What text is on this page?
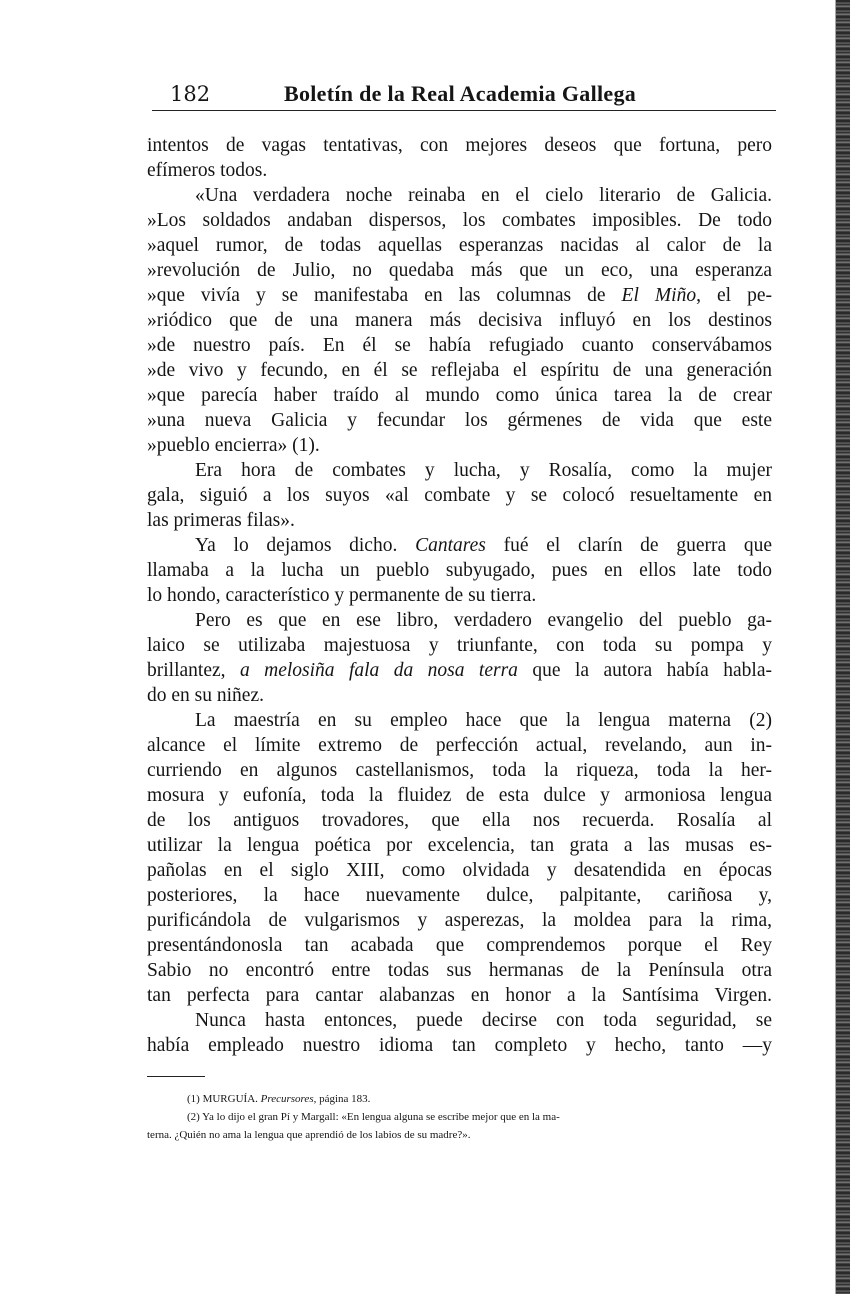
182	Boletín de la Real Academia Gallega
intentos de vagas tentativas, con mejores deseos que fortuna, pero
efímeros todos.
«Una verdadera noche reinaba en el cielo literario de Galicia.
»Los soldados andaban dispersos, los combates imposibles. De todo
»aquel rumor, de todas aquellas esperanzas nacidas al calor de la
»revolución de Julio, no quedaba más que un eco, una esperanza
»que vivía y se manifestaba en las columnas de El Miño, el pe-
»riódico que de una manera más decisiva influyó en los destinos
»de nuestro país. En él se había refugiado cuanto conservábamos
»de vivo y fecundo, en él se reflejaba el espíritu de una generación
»que parecía haber traído al mundo como única tarea la de crear
»una nueva Galicia y fecundar los gérmenes de vida que este
»pueblo encierra» (1).
Era hora de combates y lucha, y Rosalía, como la mujer
gala, siguió a los suyos «al combate y se colocó resueltamente en
las primeras filas».
Ya lo dejamos dicho. Cantares fué el clarín de guerra que
llamaba a la lucha un pueblo subyugado, pues en ellos late todo
lo hondo, característico y permanente de su tierra.
Pero es que en ese libro, verdadero evangelio del pueblo ga-
laico se utilizaba majestuosa y triunfante, con toda su pompa y
brillantez, a melosiña fala da nosa terra que la autora había habla-
do en su niñez.
La maestría en su empleo hace que la lengua materna (2)
alcance el límite extremo de perfección actual, revelando, aun in-
curriendo en algunos castellanismos, toda la riqueza, toda la her-
mosura y eufonía, toda la fluidez de esta dulce y armoniosa lengua
de los antiguos trovadores, que ella nos recuerda. Rosalía al
utilizar la lengua poética por excelencia, tan grata a las musas es-
pañolas en el siglo XIII, como olvidada y desatendida en épocas
posteriores, la hace nuevamente dulce, palpitante, cariñosa y,
purificándola de vulgarismos y asperezas, la moldea para la rima,
presentándonosla tan acabada que comprendemos porque el Rey
Sabio no encontró entre todas sus hermanas de la Península otra
tan perfecta para cantar alabanzas en honor a la Santísima Virgen.
Nunca hasta entonces, puede decirse con toda seguridad, se
había empleado nuestro idioma tan completo y hecho, tanto —y
(1) MURGUÍA. Precursores, página 183.
(2) Ya lo dijo el gran Pí y Margall: «En lengua alguna se escribe mejor que en la ma-
terna. ¿Quién no ama la lengua que aprendió de los labios de su madre?».
